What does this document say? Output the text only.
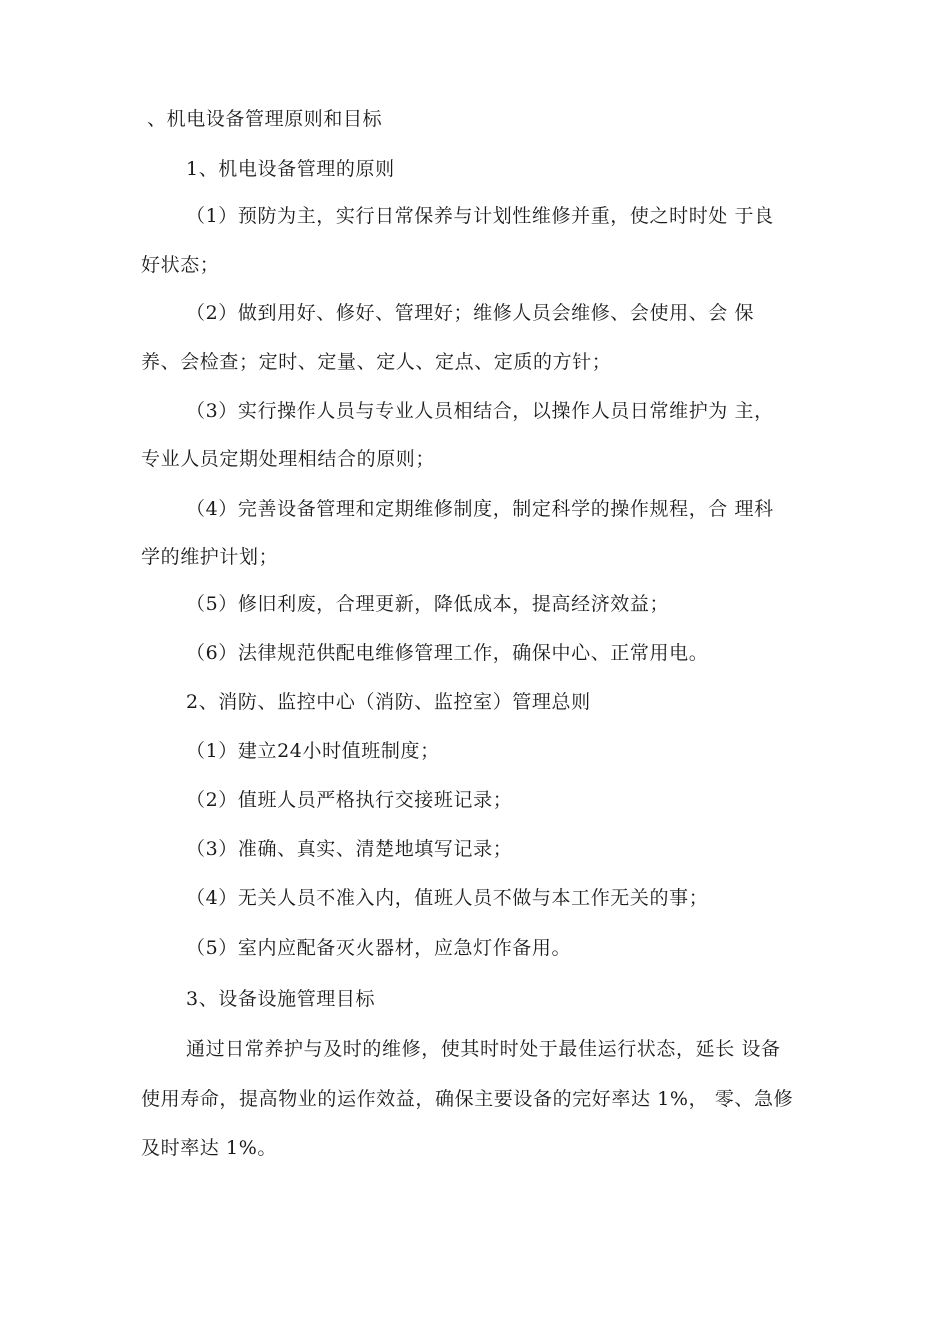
、机电设备管理原则和目标
1、机电设备管理的原则
（1）预防为主，实行日常保养与计划性维修并重，使之时时处 于良
好状态；
（2）做到用好、修好、管理好；维修人员会维修、会使用、会 保
养、会检查；定时、定量、定人、定点、定质的方针；
（3）实行操作人员与专业人员相结合，以操作人员日常维护为 主，
专业人员定期处理相结合的原则；
（4）完善设备管理和定期维修制度，制定科学的操作规程，合 理科
学的维护计划；
（5）修旧利废，合理更新，降低成本，提高经济效益；
（6）法律规范供配电维修管理工作，确保中心、正常用电。
2、消防、监控中心（消防、监控室）管理总则
（1）建立24小时值班制度；
（2）值班人员严格执行交接班记录；
（3）准确、真实、清楚地填写记录；
（4）无关人员不准入内，值班人员不做与本工作无关的事；
（5）室内应配备灭火器材，应急灯作备用。
3、设备设施管理目标
通过日常养护与及时的维修，使其时时处于最佳运行状态，延长 设备
使用寿命，提高物业的运作效益，确保主要设备的完好率达 1%， 零、急修
及时率达 1%。
